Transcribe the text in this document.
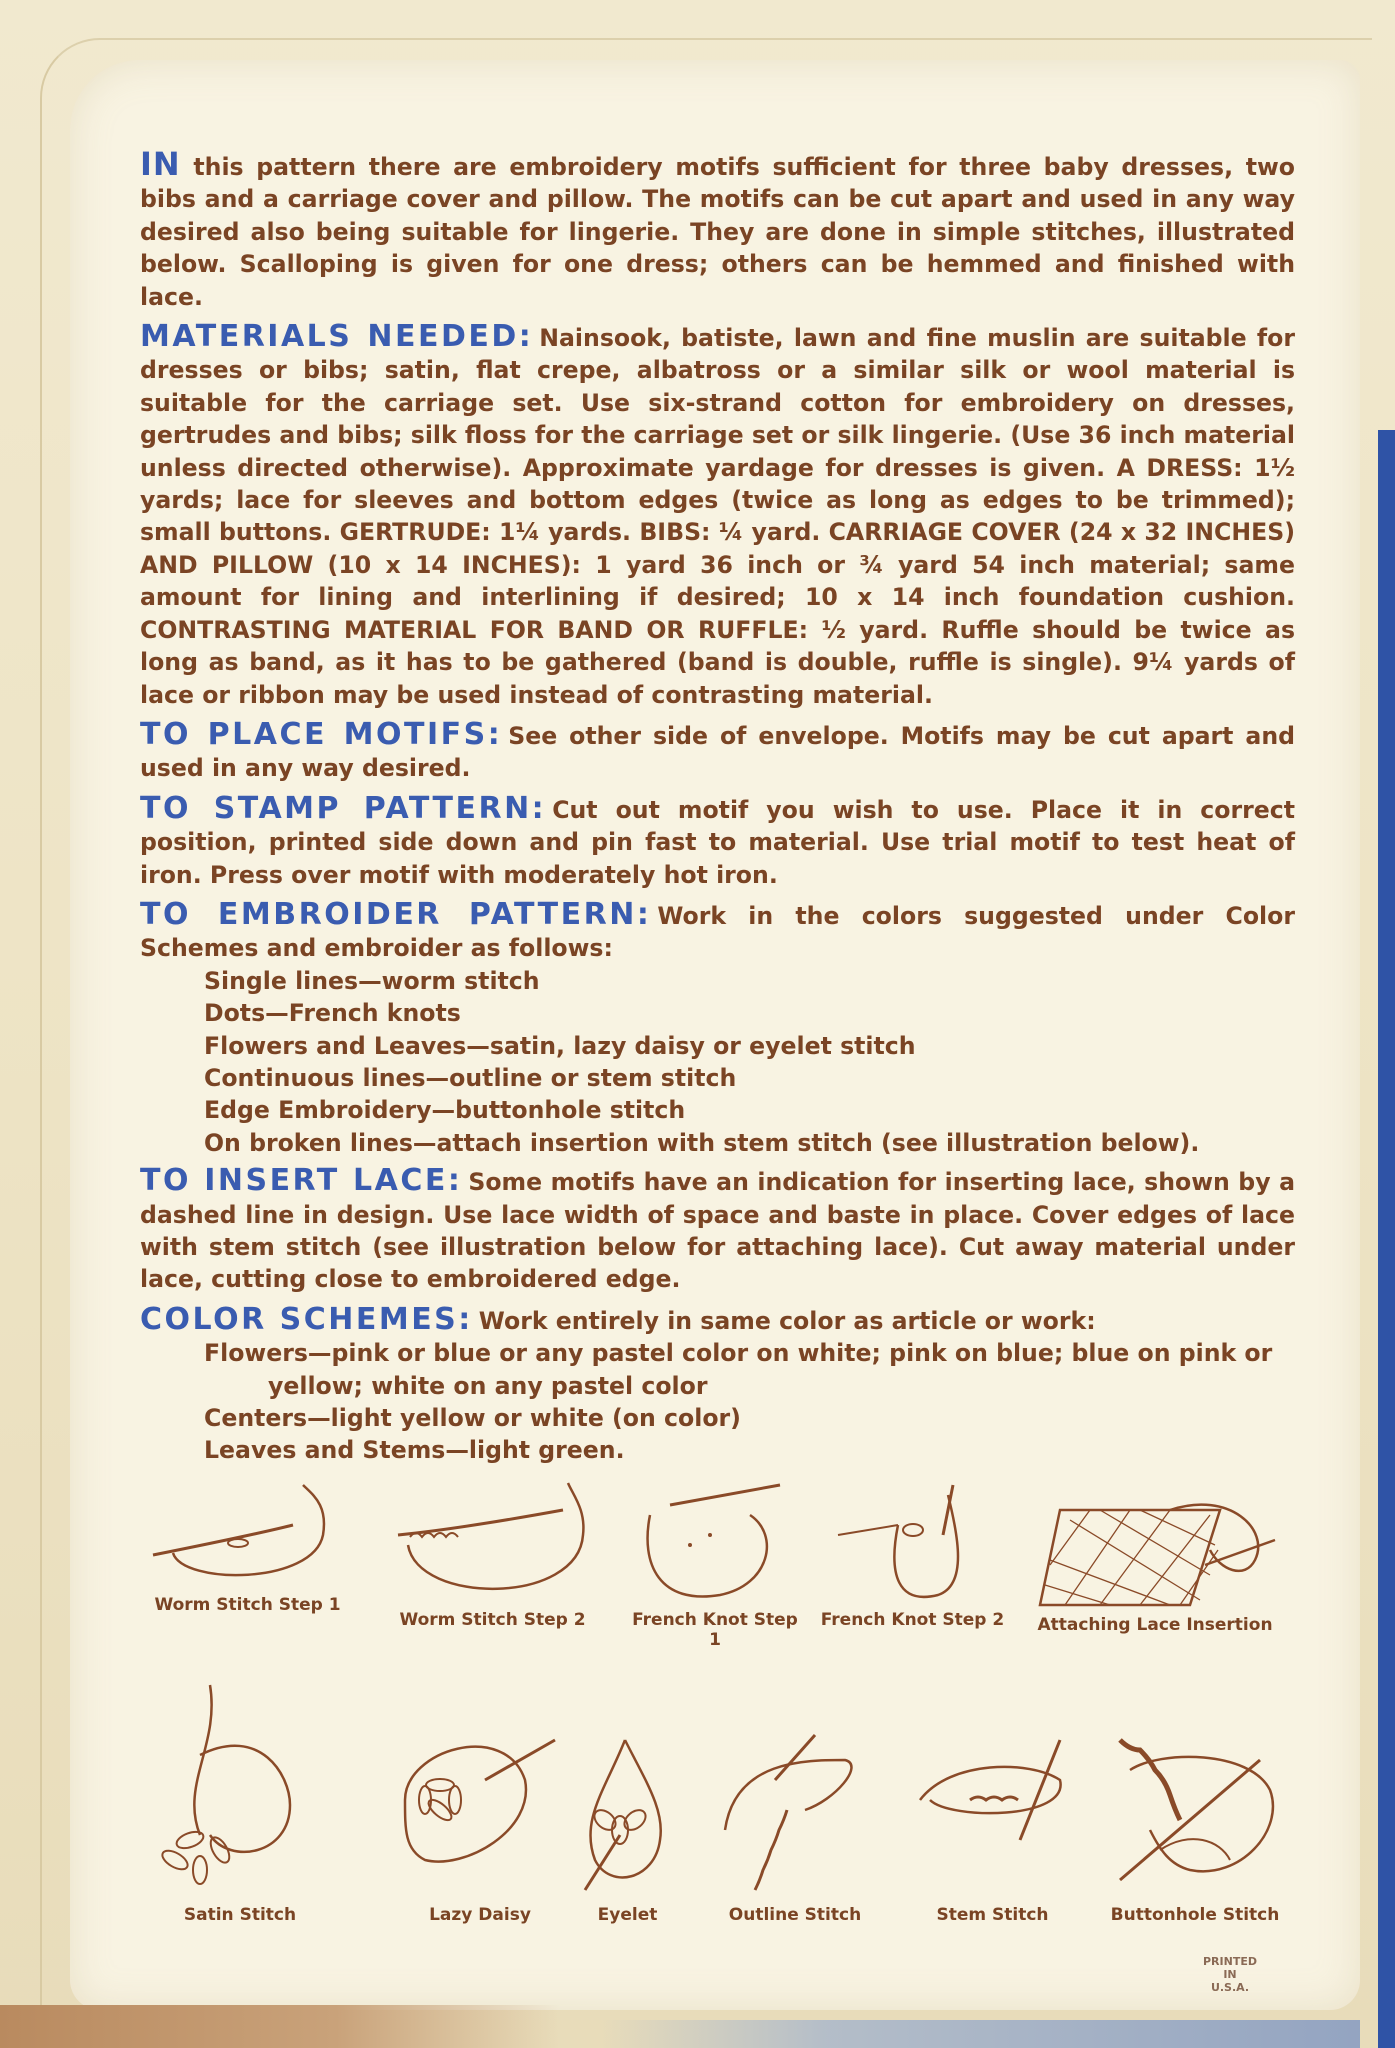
IN this pattern there are embroidery motifs sufficient for three baby dresses, two bibs and a carriage cover and pillow. The motifs can be cut apart and used in any way desired also being suitable for lingerie. They are done in simple stitches, illustrated below. Scalloping is given for one dress; others can be hemmed and finished with lace.

MATERIALS NEEDED: Nainsook, batiste, lawn and fine muslin are suitable for dresses or bibs; satin, flat crepe, albatross or a similar silk or wool material is suitable for the carriage set. Use six-strand cotton for embroidery on dresses, gertrudes and bibs; silk floss for the carriage set or silk lingerie. (Use 36 inch material unless directed otherwise). Approximate yardage for dresses is given. A DRESS: 1½ yards; lace for sleeves and bottom edges (twice as long as edges to be trimmed); small buttons. GERTRUDE: 1¼ yards. BIBS: ¼ yard. CARRIAGE COVER (24 x 32 INCHES) AND PILLOW (10 x 14 INCHES): 1 yard 36 inch or ¾ yard 54 inch material; same amount for lining and interlining if desired; 10 x 14 inch foundation cushion. CONTRASTING MATERIAL FOR BAND OR RUFFLE: ½ yard. Ruffle should be twice as long as band, as it has to be gathered (band is double, ruffle is single). 9¼ yards of lace or ribbon may be used instead of contrasting material.

TO PLACE MOTIFS: See other side of envelope. Motifs may be cut apart and used in any way desired.

TO STAMP PATTERN: Cut out motif you wish to use. Place it in correct position, printed side down and pin fast to material. Use trial motif to test heat of iron. Press over motif with moderately hot iron.

TO EMBROIDER PATTERN: Work in the colors suggested under Color Schemes and embroider as follows:

Single lines—worm stitch
Dots—French knots
Flowers and Leaves—satin, lazy daisy or eyelet stitch
Continuous lines—outline or stem stitch
Edge Embroidery—buttonhole stitch
On broken lines—attach insertion with stem stitch (see illustration below).

TO INSERT LACE: Some motifs have an indication for inserting lace, shown by a dashed line in design. Use lace width of space and baste in place. Cover edges of lace with stem stitch (see illustration below for attaching lace). Cut away material under lace, cutting close to embroidered edge.

COLOR SCHEMES: Work entirely in same color as article or work:

Flowers—pink or blue or any pastel color on white; pink on blue; blue on pink or
yellow; white on any pastel color
Centers—light yellow or white (on color)
Leaves and Stems—light green.
Worm Stitch Step 1
Worm Stitch Step 2	French Knot Step 1
French Knot Step 2	Attaching Lace Insertion
Satin Stitch	Lazy Daisy	Eyelet	Outline Stitch	Stem Stitch	Buttonhole Stitch
PRINTED
IN
U.S.A.
